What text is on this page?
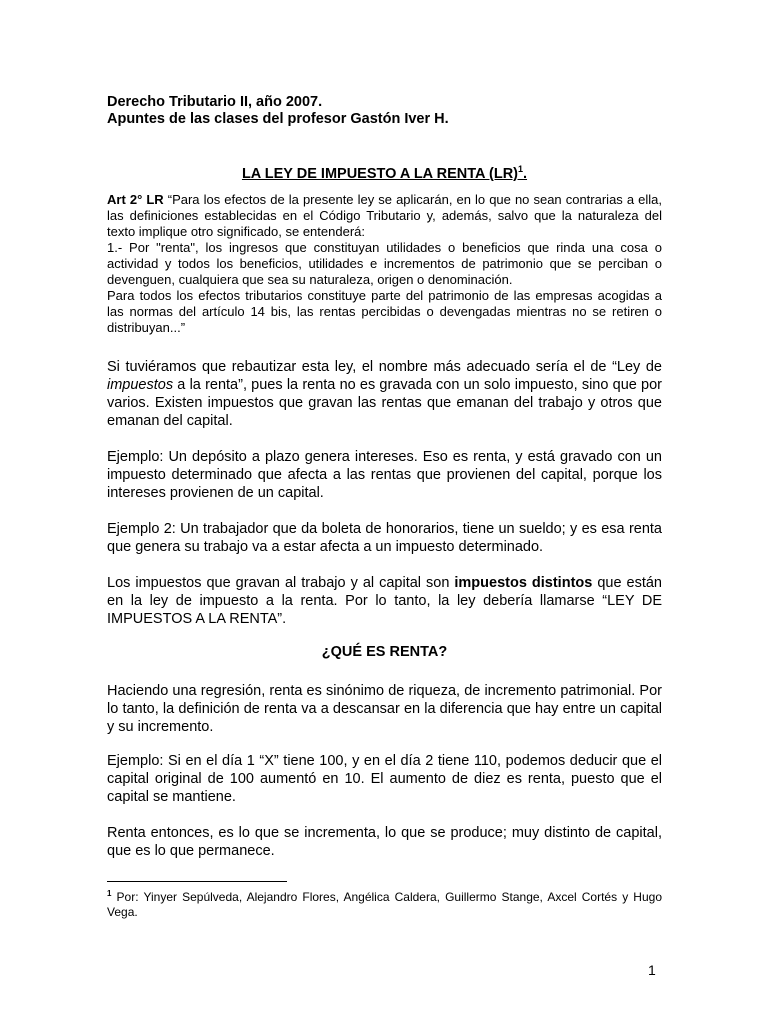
Derecho Tributario II, año 2007.
Apuntes de las clases del profesor Gastón Iver H.
LA LEY DE IMPUESTO A LA RENTA (LR)$^1$.

Art 2° LR “Para los efectos de la presente ley se aplicarán, en lo que no sean contrarias a ella, las definiciones establecidas en el Código Tributario y, además, salvo que la naturaleza del texto implique otro significado, se entenderá:

1.- Por "renta", los ingresos que constituyan utilidades o beneficios que rinda una cosa o actividad y todos los beneficios, utilidades e incrementos de patrimonio que se perciban o devenguen, cualquiera que sea su naturaleza, origen o denominación.

Para todos los efectos tributarios constituye parte del patrimonio de las empresas acogidas a las normas del artículo 14 bis, las rentas percibidas o devengadas mientras no se retiren o distribuyan...”

Si tuviéramos que rebautizar esta ley, el nombre más adecuado sería el de “Ley de impuestos a la renta”, pues la renta no es gravada con un solo impuesto, sino que por varios. Existen impuestos que gravan las rentas que emanan del trabajo y otros que emanan del capital.

Ejemplo: Un depósito a plazo genera intereses. Eso es renta, y está gravado con un impuesto determinado que afecta a las rentas que provienen del capital, porque los intereses provienen de un capital.
Ejemplo 2: Un trabajador que da boleta de honorarios, tiene un sueldo; y es esa renta que genera su trabajo va a estar afecta a un impuesto determinado.

Los impuestos que gravan al trabajo y al capital son impuestos distintos que están en la ley de impuesto a la renta. Por lo tanto, la ley debería llamarse “LEY DE IMPUESTOS A LA RENTA”.

¿QUÉ ES RENTA?
Haciendo una regresión, renta es sinónimo de riqueza, de incremento patrimonial. Por lo tanto, la definición de renta va a descansar en la diferencia que hay entre un capital y su incremento.
Ejemplo: Si en el día 1 “X” tiene 100, y en el día 2 tiene 110, podemos deducir que el capital original de 100 aumentó en 10. El aumento de diez es renta, puesto que el capital se mantiene.
Renta entonces, es lo que se incrementa, lo que se produce; muy distinto de capital, que es lo que permanece.
$^1$ Por: Yinyer Sepúlveda, Alejandro Flores, Angélica Caldera, Guillermo Stange, Axcel Cortés y Hugo Vega.
1
